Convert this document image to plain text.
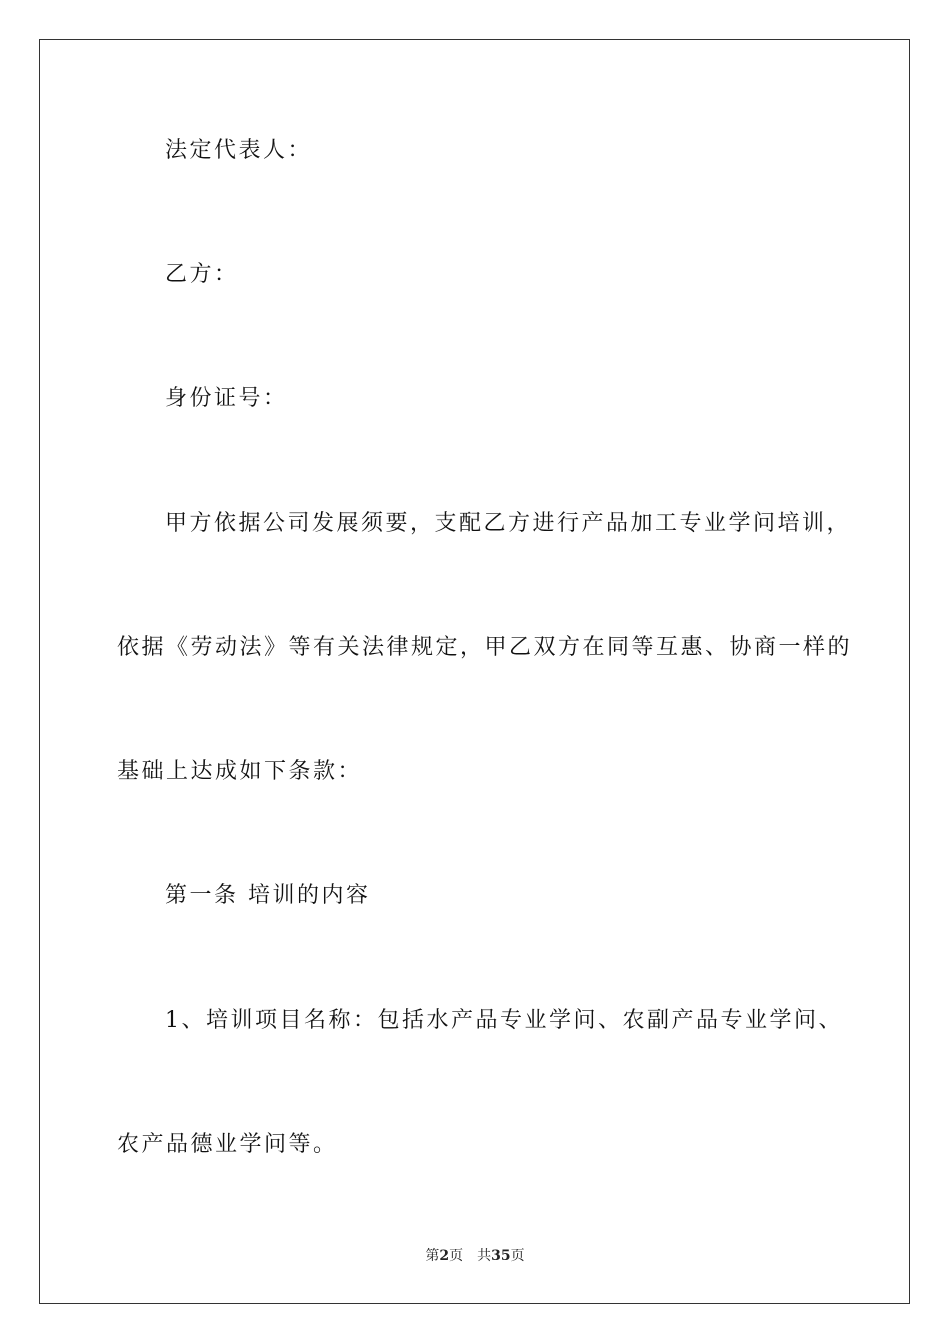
法定代表人：
乙方：
身份证号：
甲方依据公司发展须要，支配乙方进行产品加工专业学问培训，
依据《劳动法》等有关法律规定，甲乙双方在同等互惠、协商一样的
基础上达成如下条款：
第一条 培训的内容
1、培训项目名称：包括水产品专业学问、农副产品专业学问、
农产品德业学问等。
第2页 共35页
